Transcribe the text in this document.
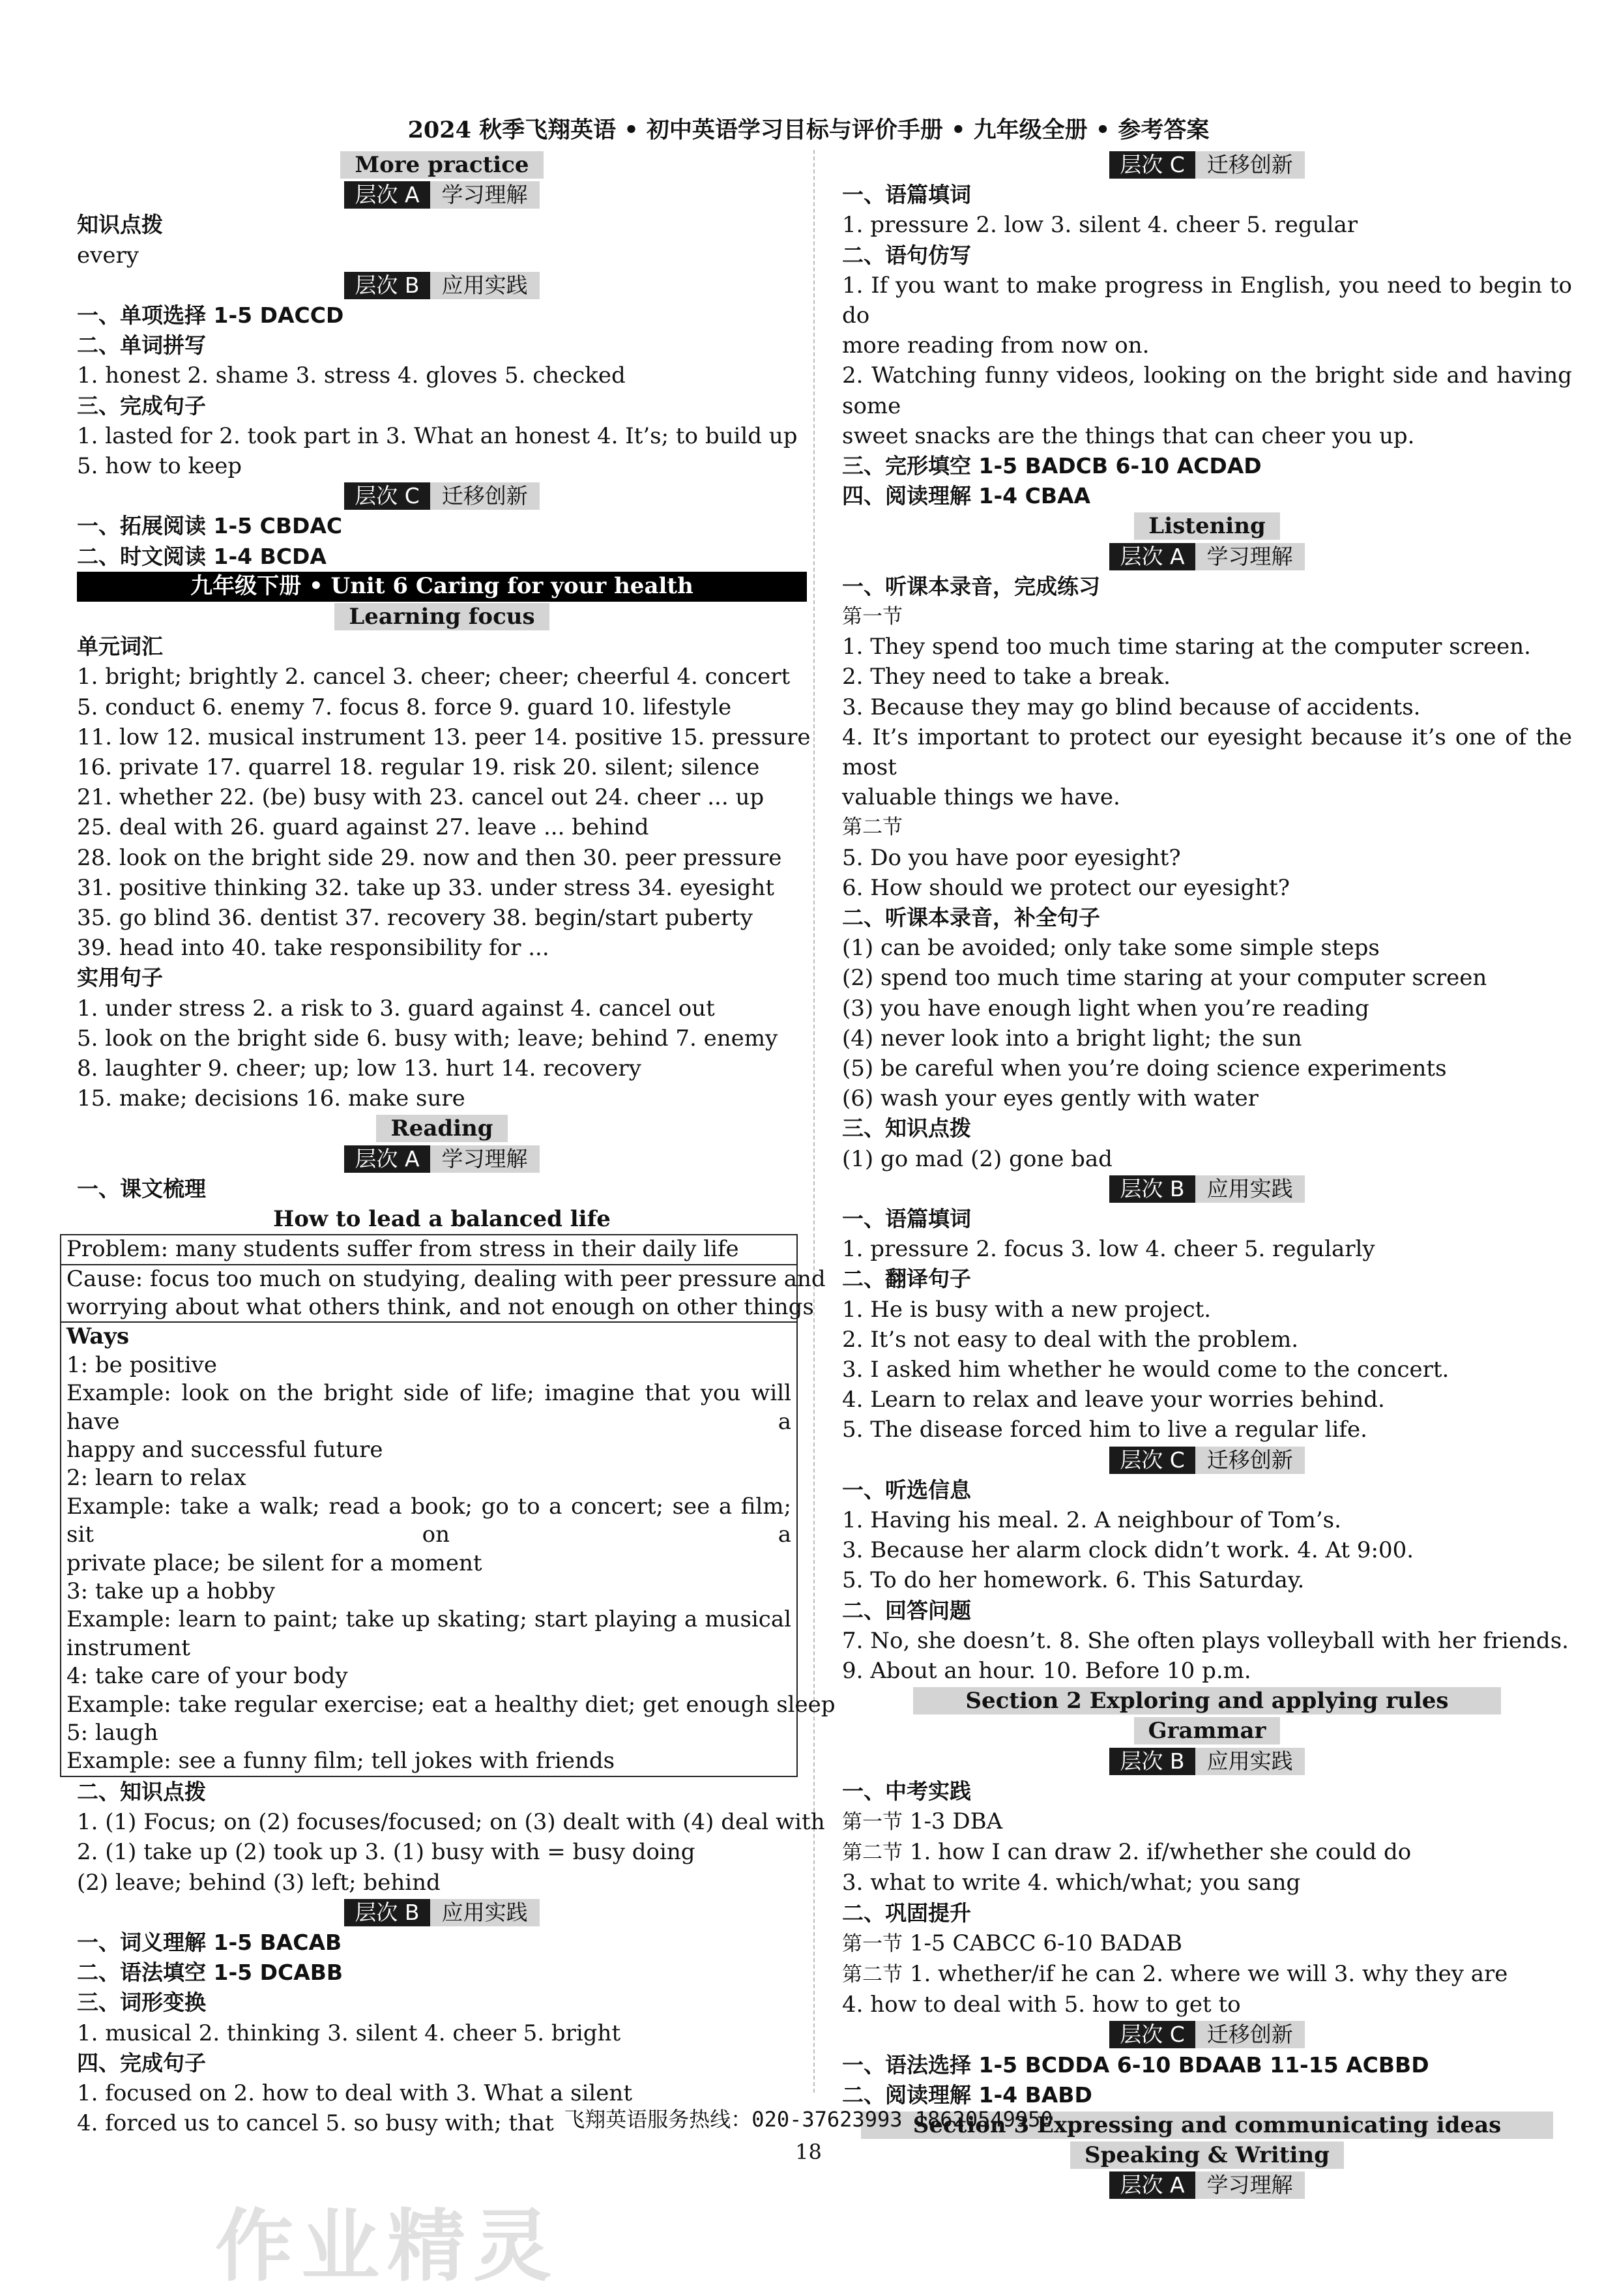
2024 秋季飞翔英语 • 初中英语学习目标与评价手册 • 九年级全册 • 参考答案
More practice
层次 A 学习理解
知识点拨
every
层次 B 应用实践
一、单项选择 1-5 DACCD
二、单词拼写
1. honest 2. shame 3. stress 4. gloves 5. checked
三、完成句子
1. lasted for 2. took part in 3. What an honest 4. It’s; to build up
5. how to keep
层次 C 迁移创新
一、拓展阅读 1-5 CBDAC
二、时文阅读 1-4 BCDA
九年级下册 • Unit 6 Caring for your health
Learning focus
单元词汇
1. bright; brightly 2. cancel 3. cheer; cheer; cheerful 4. concert
5. conduct 6. enemy 7. focus 8. force 9. guard 10. lifestyle
11. low 12. musical instrument 13. peer 14. positive 15. pressure
16. private 17. quarrel 18. regular 19. risk 20. silent; silence
21. whether 22. (be) busy with 23. cancel out 24. cheer ... up
25. deal with 26. guard against 27. leave ... behind
28. look on the bright side 29. now and then 30. peer pressure
31. positive thinking 32. take up 33. under stress 34. eyesight
35. go blind 36. dentist 37. recovery 38. begin/start puberty
39. head into 40. take responsibility for ...
实用句子
1. under stress 2. a risk to 3. guard against 4. cancel out
5. look on the bright side 6. busy with; leave; behind 7. enemy
8. laughter 9. cheer; up; low 13. hurt 14. recovery
15. make; decisions 16. make sure
Reading
层次 A 学习理解
一、课文梳理
How to lead a balanced life
Problem: many students suffer from stress in their daily life
Cause: focus too much on studying, dealing with peer pressure and
worrying about what others think, and not enough on other things
Ways
1: be positive
Example: look on the bright side of life; imagine that you will have a
happy and successful future
2: learn to relax
Example: take a walk; read a book; go to a concert; see a film; sit on a
private place; be silent for a moment
3: take up a hobby
Example: learn to paint; take up skating; start playing a musical
instrument
4: take care of your body
Example: take regular exercise; eat a healthy diet; get enough sleep
5: laugh
Example: see a funny film; tell jokes with friends
二、知识点拨
1. (1) Focus; on (2) focuses/focused; on (3) dealt with (4) deal with
2. (1) take up (2) took up 3. (1) busy with = busy doing
(2) leave; behind (3) left; behind
层次 B 应用实践
一、词义理解 1-5 BACAB
二、语法填空 1-5 DCABB
三、词形变换
1. musical 2. thinking 3. silent 4. cheer 5. bright
四、完成句子
1. focused on 2. how to deal with 3. What a silent
4. forced us to cancel 5. so busy with; that
层次 C 迁移创新
一、语篇填词
1. pressure 2. low 3. silent 4. cheer 5. regular
二、语句仿写
1. If you want to make progress in English, you need to begin to do
more reading from now on.
2. Watching funny videos, looking on the bright side and having some
sweet snacks are the things that can cheer you up.
三、完形填空 1-5 BADCB 6-10 ACDAD
四、阅读理解 1-4 CBAA
Listening
层次 A 学习理解
一、听课本录音，完成练习
第一节
1. They spend too much time staring at the computer screen.
2. They need to take a break.
3. Because they may go blind because of accidents.
4. It’s important to protect our eyesight because it’s one of the most
valuable things we have.
第二节
5. Do you have poor eyesight?
6. How should we protect our eyesight?
二、听课本录音，补全句子
(1) can be avoided; only take some simple steps
(2) spend too much time staring at your computer screen
(3) you have enough light when you’re reading
(4) never look into a bright light; the sun
(5) be careful when you’re doing science experiments
(6) wash your eyes gently with water
三、知识点拨
(1) go mad (2) gone bad
层次 B 应用实践
一、语篇填词
1. pressure 2. focus 3. low 4. cheer 5. regularly
二、翻译句子
1. He is busy with a new project.
2. It’s not easy to deal with the problem.
3. I asked him whether he would come to the concert.
4. Learn to relax and leave your worries behind.
5. The disease forced him to live a regular life.
层次 C 迁移创新
一、听选信息
1. Having his meal. 2. A neighbour of Tom’s.
3. Because her alarm clock didn’t work. 4. At 9:00.
5. To do her homework. 6. This Saturday.
二、回答问题
7. No, she doesn’t. 8. She often plays volleyball with her friends.
9. About an hour. 10. Before 10 p.m.
Section 2 Exploring and applying rules
Grammar
层次 B 应用实践
一、中考实践
第一节 1-3 DBA
第二节 1. how I can draw 2. if/whether she could do
3. what to write 4. which/what; you sang
二、巩固提升
第一节 1-5 CABCC 6-10 BADAB
第二节 1. whether/if he can 2. where we will 3. why they are
4. how to deal with 5. how to get to
层次 C 迁移创新
一、语法选择 1-5 BCDDA 6-10 BDAAB 11-15 ACBBD
二、阅读理解 1-4 BABD
Section 3 Expressing and communicating ideas
Speaking & Writing
层次 A 学习理解
飞翔英语服务热线：020-37623993 18620549950
18
作业精灵
